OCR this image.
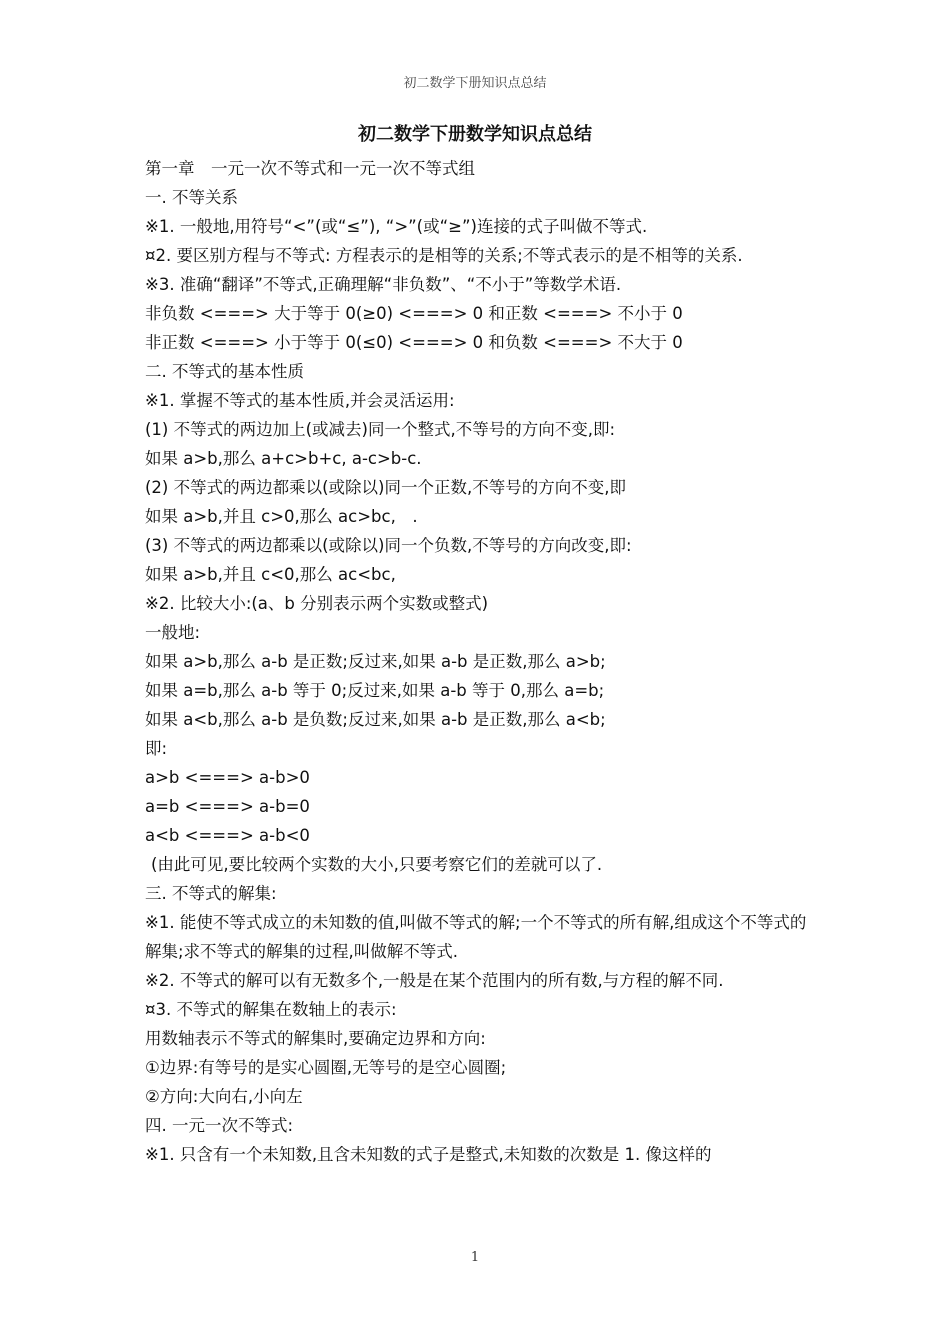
初二数学下册知识点总结
初二数学下册数学知识点总结
第一章　一元一次不等式和一元一次不等式组
一. 不等关系
※1. 一般地,用符号“<”(或“≤”), “>”(或“≥”)连接的式子叫做不等式.
¤2. 要区别方程与不等式: 方程表示的是相等的关系;不等式表示的是不相等的关系.
※3. 准确“翻译”不等式,正确理解“非负数”、“不小于”等数学术语.
非负数 <===> 大于等于 0(≥0) <===> 0 和正数 <===> 不小于 0
非正数 <===> 小于等于 0(≤0) <===> 0 和负数 <===> 不大于 0
二. 不等式的基本性质
※1. 掌握不等式的基本性质,并会灵活运用:
(1) 不等式的两边加上(或减去)同一个整式,不等号的方向不变,即:
如果 a>b,那么 a+c>b+c, a-c>b-c.
(2) 不等式的两边都乘以(或除以)同一个正数,不等号的方向不变,即
如果 a>b,并且 c>0,那么 ac>bc,　.
(3) 不等式的两边都乘以(或除以)同一个负数,不等号的方向改变,即:
如果 a>b,并且 c<0,那么 ac<bc,
※2. 比较大小:(a、b 分别表示两个实数或整式)
一般地:
如果 a>b,那么 a-b 是正数;反过来,如果 a-b 是正数,那么 a>b;
如果 a=b,那么 a-b 等于 0;反过来,如果 a-b 等于 0,那么 a=b;
如果 a<b,那么 a-b 是负数;反过来,如果 a-b 是正数,那么 a<b;
即:
a>b <===> a-b>0
a=b <===> a-b=0
a<b <===> a-b<0
(由此可见,要比较两个实数的大小,只要考察它们的差就可以了.
三. 不等式的解集:
※1. 能使不等式成立的未知数的值,叫做不等式的解;一个不等式的所有解,组成这个不等式的解集;求不等式的解集的过程,叫做解不等式.
※2. 不等式的解可以有无数多个,一般是在某个范围内的所有数,与方程的解不同.
¤3. 不等式的解集在数轴上的表示:
用数轴表示不等式的解集时,要确定边界和方向:
①边界:有等号的是实心圆圈,无等号的是空心圆圈;
②方向:大向右,小向左
四. 一元一次不等式:
※1. 只含有一个未知数,且含未知数的式子是整式,未知数的次数是 1. 像这样的
1
